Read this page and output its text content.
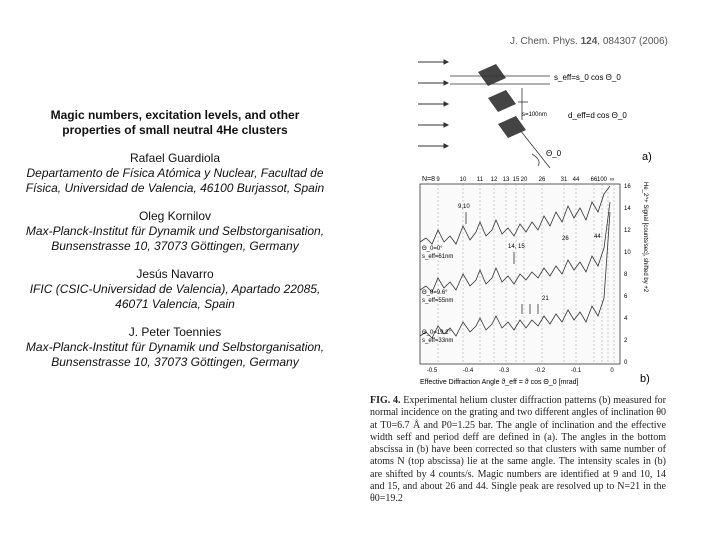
Magic numbers, excitation levels, and other properties of small neutral 4He clusters

Rafael Guardiola

Departamento de Física Atómica y Nuclear, Facultad de Física, Universidad de Valencia, 46100 Burjassot, Spain

Oleg Kornilov

Max-Planck-Institut für Dynamik und Selbstorganisation, Bunsenstrasse 10, 37073 Göttingen, Germany

Jesús Navarro

IFIC (CSIC-Universidad de Valencia), Apartado 22085, 46071 Valencia, Spain

J. Peter Toennies

Max-Planck-Institut für Dynamik und Selbstorganisation, Bunsenstrasse 10, 37073 Göttingen, Germany

J. Chem. Phys. 124, 084307 (2006)
s_eff=s_0 cos Θ_0
s=100nm	d_eff=d cos Θ_0
Θ_0	a)
N=8 9	10 11 12 13 15 20 26	31 44 66 100 ∞
16
14
12
10
8
6
4
2
0
-0.5	-0.4	-0.3	-0.2	-0.1	0
9,10
14, 15
26	44
21
Θ_0=0°
s_eff=61nm
Θ_0=9.6°
s_eff=55nm
Θ_0=19.2°
s_eff=33nm
He_2^+ Signal [counts/sec], shifted by +2
Effective Diffraction Angle ϑ_eff = ϑ cos Θ_0 [mrad]	b)
FIG. 4. Experimental helium cluster diffraction patterns (b) measured for normal incidence on the grating and two different angles of inclination θ0 at T0=6.7 Å and P0=1.25 bar. The angle of inclination and the effective width seff and period deff are defined in (a). The angles in the bottom abscissa in (b) have been corrected so that clusters with same number of atoms N (top abscissa) lie at the same angle. The intensity scales in (b) are shifted by 4 counts/s. Magic numbers are identified at 9 and 10, 14 and 15, and about 26 and 44. Single peak are resolved up to N=21 in the θ0=19.2
